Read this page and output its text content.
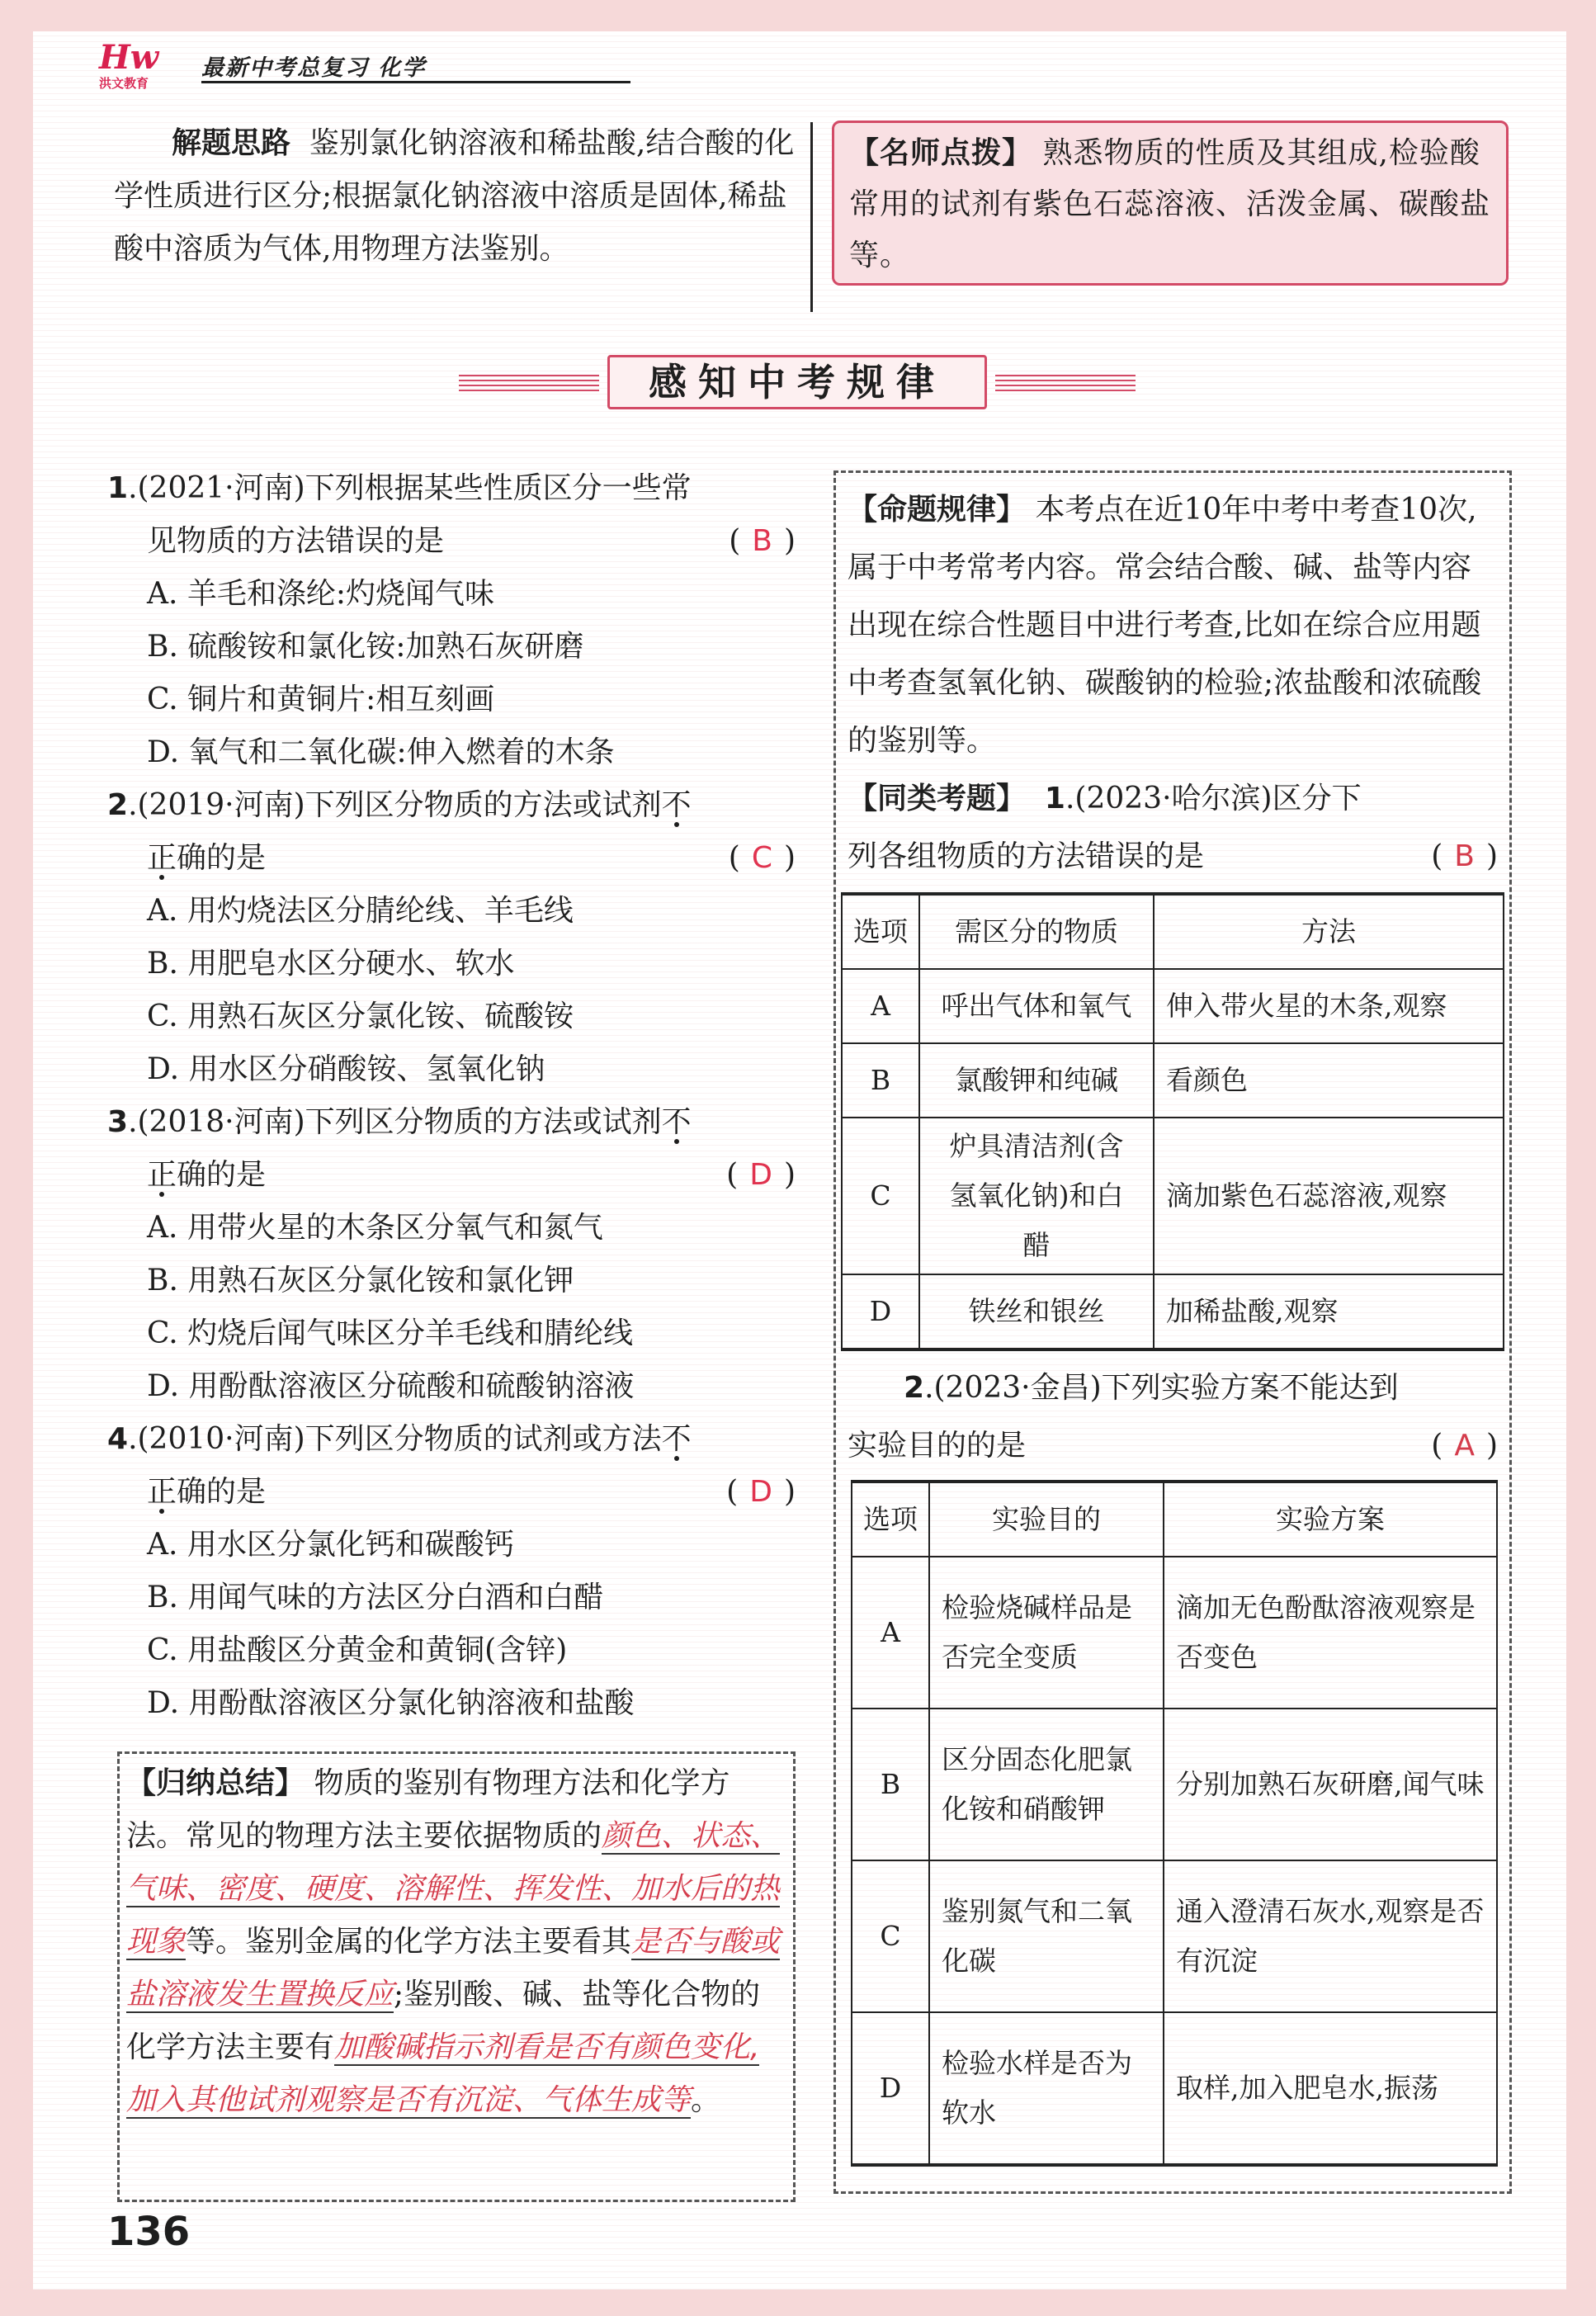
Hw
洪文教育
最新中考总复习 化学
解题思路 鉴别氯化钠溶液和稀盐酸,结合酸的化学性质进行区分;根据氯化钠溶液中溶质是固体,稀盐酸中溶质为气体,用物理方法鉴别。
【名师点拨】 熟悉物质的性质及其组成,检验酸常用的试剂有紫色石蕊溶液、活泼金属、碳酸盐等。
感知中考规律
1.(2021·河南)下列根据某些性质区分一些常
见物质的方法错误的是	( B )
A. 羊毛和涤纶:灼烧闻气味
B. 硫酸铵和氯化铵:加熟石灰研磨
C. 铜片和黄铜片:相互刻画
D. 氧气和二氧化碳:伸入燃着的木条
2.(2019·河南)下列区分物质的方法或试剂不
正确的是	( C )
A. 用灼烧法区分腈纶线、羊毛线
B. 用肥皂水区分硬水、软水
C. 用熟石灰区分氯化铵、硫酸铵
D. 用水区分硝酸铵、氢氧化钠
3.(2018·河南)下列区分物质的方法或试剂不
正确的是	( D )
A. 用带火星的木条区分氧气和氮气
B. 用熟石灰区分氯化铵和氯化钾
C. 灼烧后闻气味区分羊毛线和腈纶线
D. 用酚酞溶液区分硫酸和硫酸钠溶液
4.(2010·河南)下列区分物质的试剂或方法不
正确的是	( D )
A. 用水区分氯化钙和碳酸钙
B. 用闻气味的方法区分白酒和白醋
C. 用盐酸区分黄金和黄铜(含锌)
D. 用酚酞溶液区分氯化钠溶液和盐酸
【归纳总结】 物质的鉴别有物理方法和化学方法。常见的物理方法主要依据物质的颜色、状态、气味、密度、硬度、溶解性、挥发性、加水后的热现象等。鉴别金属的化学方法主要看其是否与酸或盐溶液发生置换反应;鉴别酸、碱、盐等化合物的化学方法主要有加酸碱指示剂看是否有颜色变化,加入其他试剂观察是否有沉淀、气体生成等。
【命题规律】 本考点在近10年中考中考查10次,属于中考常考内容。常会结合酸、碱、盐等内容出现在综合性题目中进行考查,比如在综合应用题中考查氢氧化钠、碳酸钠的检验;浓盐酸和浓硫酸的鉴别等。
【同类考题】 1.(2023·哈尔滨)区分下
列各组物质的方法错误的是	( B )
选项	需区分的物质	方法
A	呼出气体和氧气	伸入带火星的木条,观察
B	氯酸钾和纯碱	看颜色
C	炉具清洁剂(含氢氧化钠)和白醋	滴加紫色石蕊溶液,观察
D	铁丝和银丝	加稀盐酸,观察
2.(2023·金昌)下列实验方案不能达到
实验目的的是	( A )
选项	实验目的	实验方案
A	检验烧碱样品是否完全变质	滴加无色酚酞溶液观察是否变色
B	区分固态化肥氯化铵和硝酸钾	分别加熟石灰研磨,闻气味
C	鉴别氮气和二氧化碳	通入澄清石灰水,观察是否有沉淀
D	检验水样是否为软水	取样,加入肥皂水,振荡
136
